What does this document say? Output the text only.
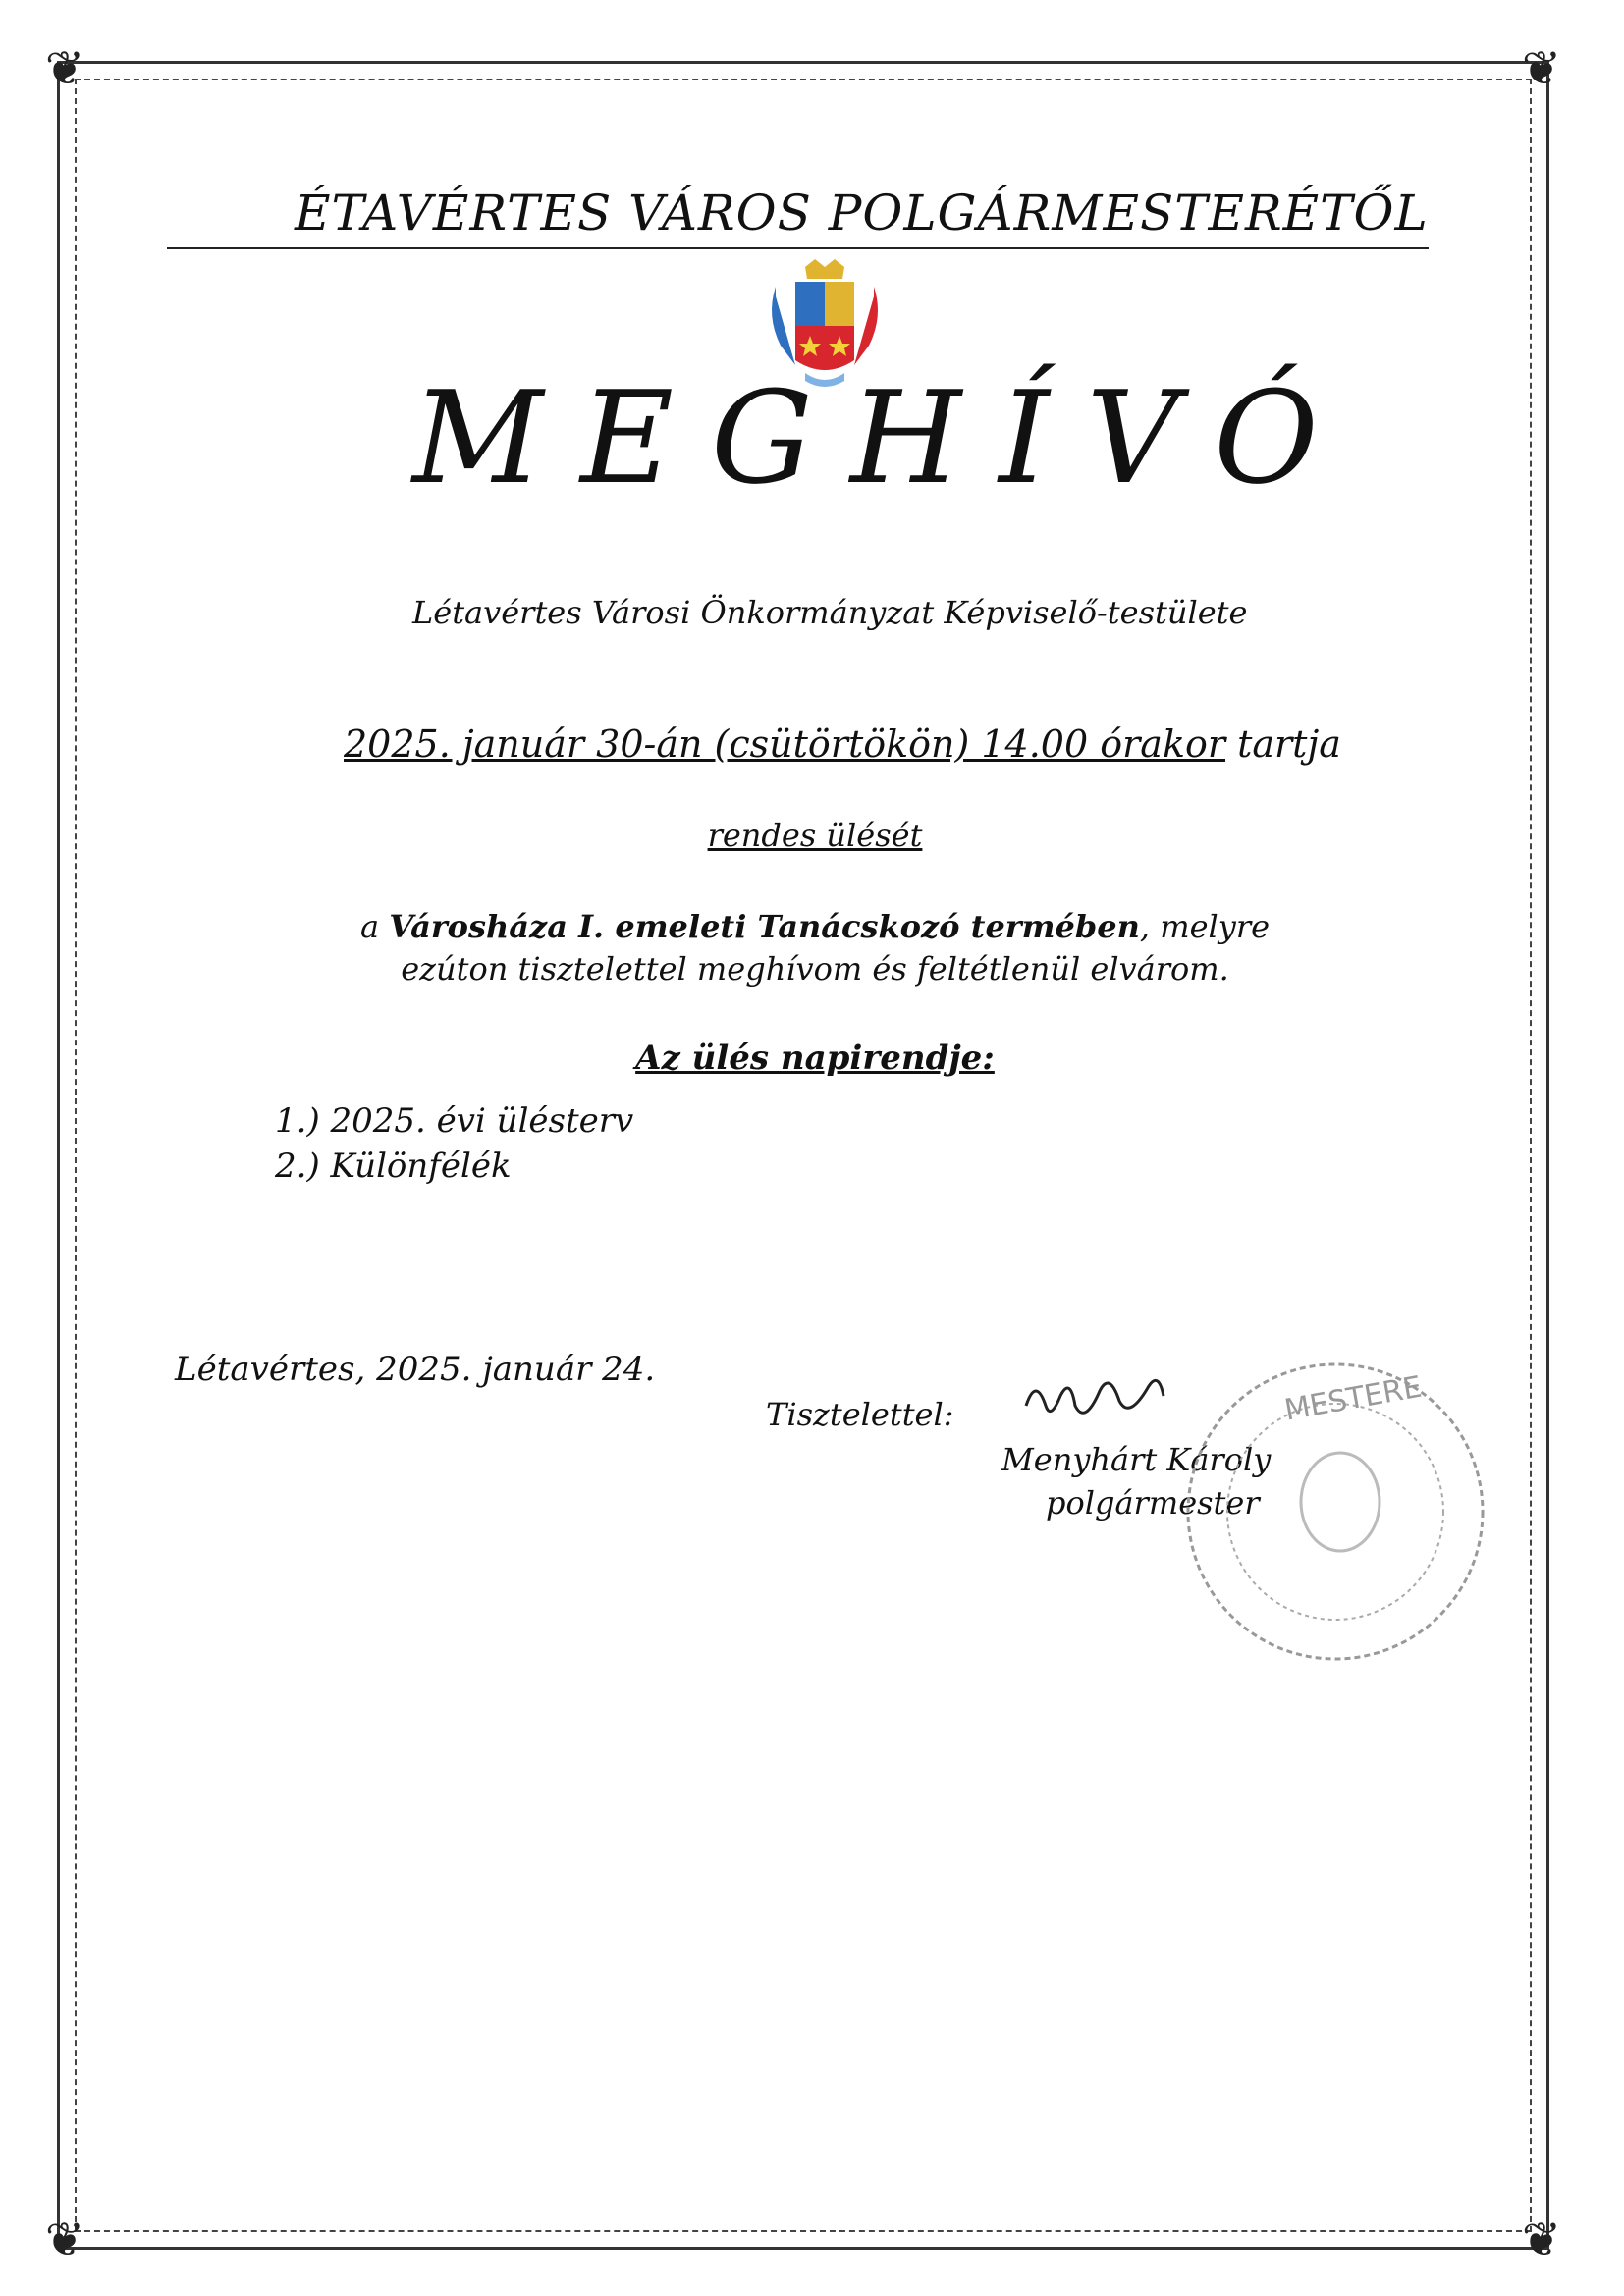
❦	❦
❦	❦
ÉTAVÉRTES VÁROS POLGÁRMESTERÉTŐL
MEGHÍVÓ
Létavértes Városi Önkormányzat Képviselő-testülete
2025. január 30-án (csütörtökön) 14.00 órakor tartja
rendes ülését
a Városháza I. emeleti Tanácskozó termében, melyre
ezúton tisztelettel meghívom és feltétlenül elvárom.
Az ülés napirendje:
1.) 2025. évi ülésterv
2.) Különfélék
Létavértes, 2025. január 24.
Tisztelettel:
Menyhárt Károly
polgármester
MESTERE
